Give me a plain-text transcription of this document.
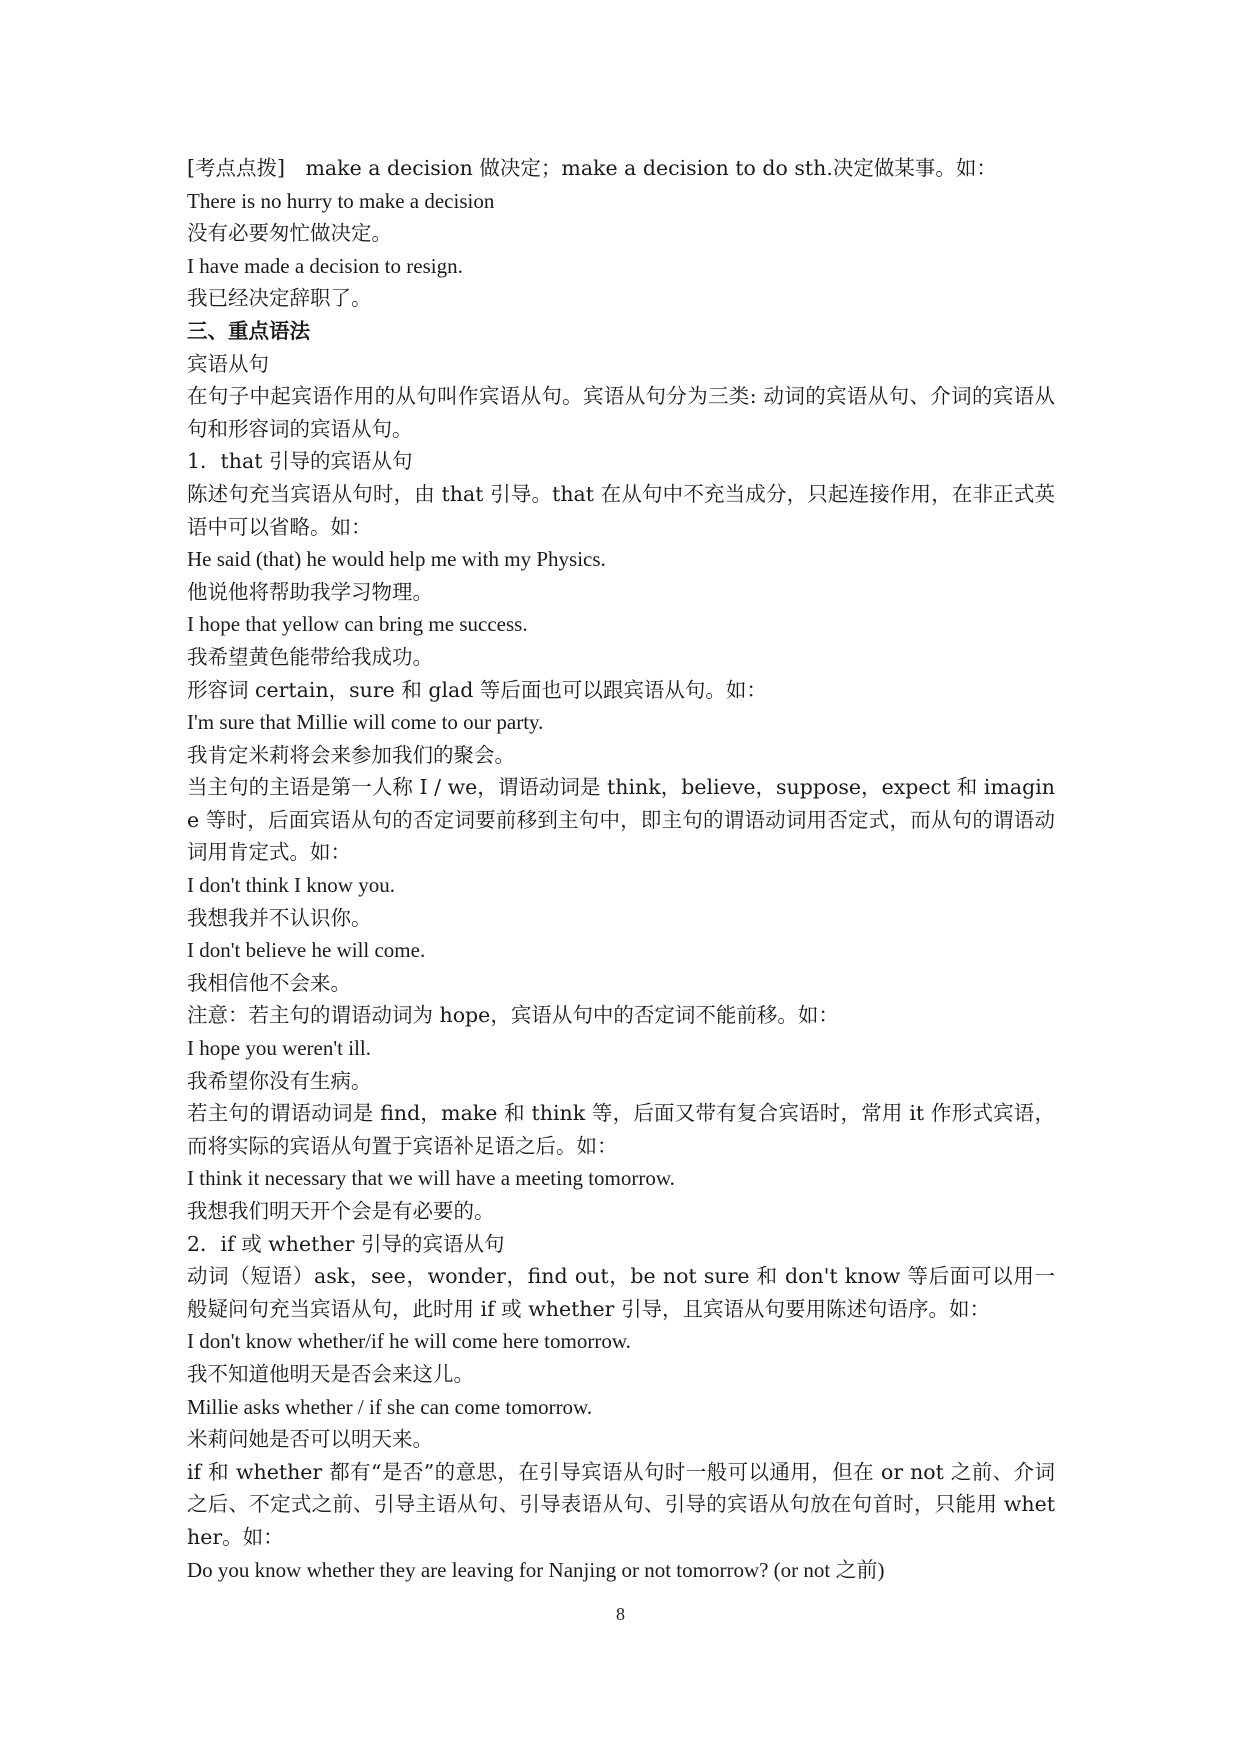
[考点点拨]　make a decision 做决定；make a decision to do sth.决定做某事。如：
There is no hurry to make a decision
没有必要匆忙做决定。
I have made a decision to resign.
我已经决定辞职了。
三、重点语法
宾语从句
在句子中起宾语作用的从句叫作宾语从句。宾语从句分为三类: 动词的宾语从句、介词的宾语从句和形容词的宾语从句。
1．that 引导的宾语从句
陈述句充当宾语从句时，由 that 引导。that 在从句中不充当成分，只起连接作用，在非正式英语中可以省略。如：
He said (that) he would help me with my Physics.
他说他将帮助我学习物理。
I hope that yellow can bring me success.
我希望黄色能带给我成功。
形容词 certain，sure 和 glad 等后面也可以跟宾语从句。如：
I'm sure that Millie will come to our party.
我肯定米莉将会来参加我们的聚会。
当主句的主语是第一人称 I / we，谓语动词是 think，believe，suppose，expect 和 imagine 等时，后面宾语从句的否定词要前移到主句中，即主句的谓语动词用否定式，而从句的谓语动词用肯定式。如：
I don't think I know you.
我想我并不认识你。
I don't believe he will come.
我相信他不会来。
注意：若主句的谓语动词为 hope，宾语从句中的否定词不能前移。如：
I hope you weren't ill.
我希望你没有生病。
若主句的谓语动词是 find，make 和 think 等，后面又带有复合宾语时，常用 it 作形式宾语，而将实际的宾语从句置于宾语补足语之后。如：
I think it necessary that we will have a meeting tomorrow.
我想我们明天开个会是有必要的。
2．if 或 whether 引导的宾语从句
动词（短语）ask，see，wonder，find out，be not sure 和 don't know 等后面可以用一般疑问句充当宾语从句，此时用 if 或 whether 引导，且宾语从句要用陈述句语序。如：
I don't know whether/if he will come here tomorrow.
我不知道他明天是否会来这儿。
Millie asks whether / if she can come tomorrow.
米莉问她是否可以明天来。
if 和 whether 都有“是否”的意思，在引导宾语从句时一般可以通用，但在 or not 之前、介词之后、不定式之前、引导主语从句、引导表语从句、引导的宾语从句放在句首时，只能用 whether。如：
Do you know whether they are leaving for Nanjing or not tomorrow? (or not 之前)
8
